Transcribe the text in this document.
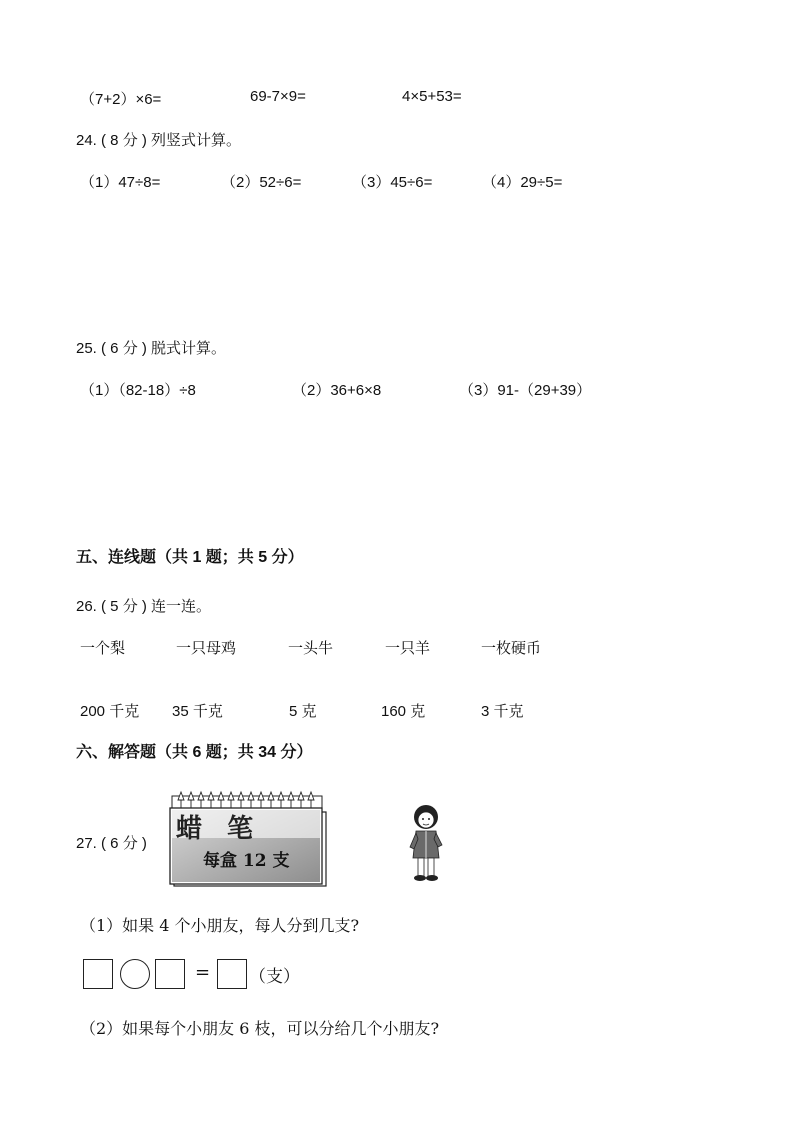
（7+2）×6=	69-7×9=	4×5+53=
24. ( 8 分 ) 列竖式计算。
（1）47÷8=	（2）52÷6=	（3）45÷6=	（4）29÷5=
25. ( 6 分 ) 脱式计算。
（1）（82-18）÷8	（2）36+6×8	（3）91-（29+39）
五、连线题（共 1 题；共 5 分）
26. ( 5 分 ) 连一连。
一个梨	一只母鸡	一头牛	一只羊	一枚硬币
200 千克 35 千克	5 克	160 克	3 千克
六、解答题（共 6 题；共 34 分）
27. ( 6 分 ) 蜡 笔
每盒 12 支
（1）如果 4 个小朋友，每人分到几支?
= （支）
（2）如果每个小朋友 6 枝，可以分给几个小朋友?
